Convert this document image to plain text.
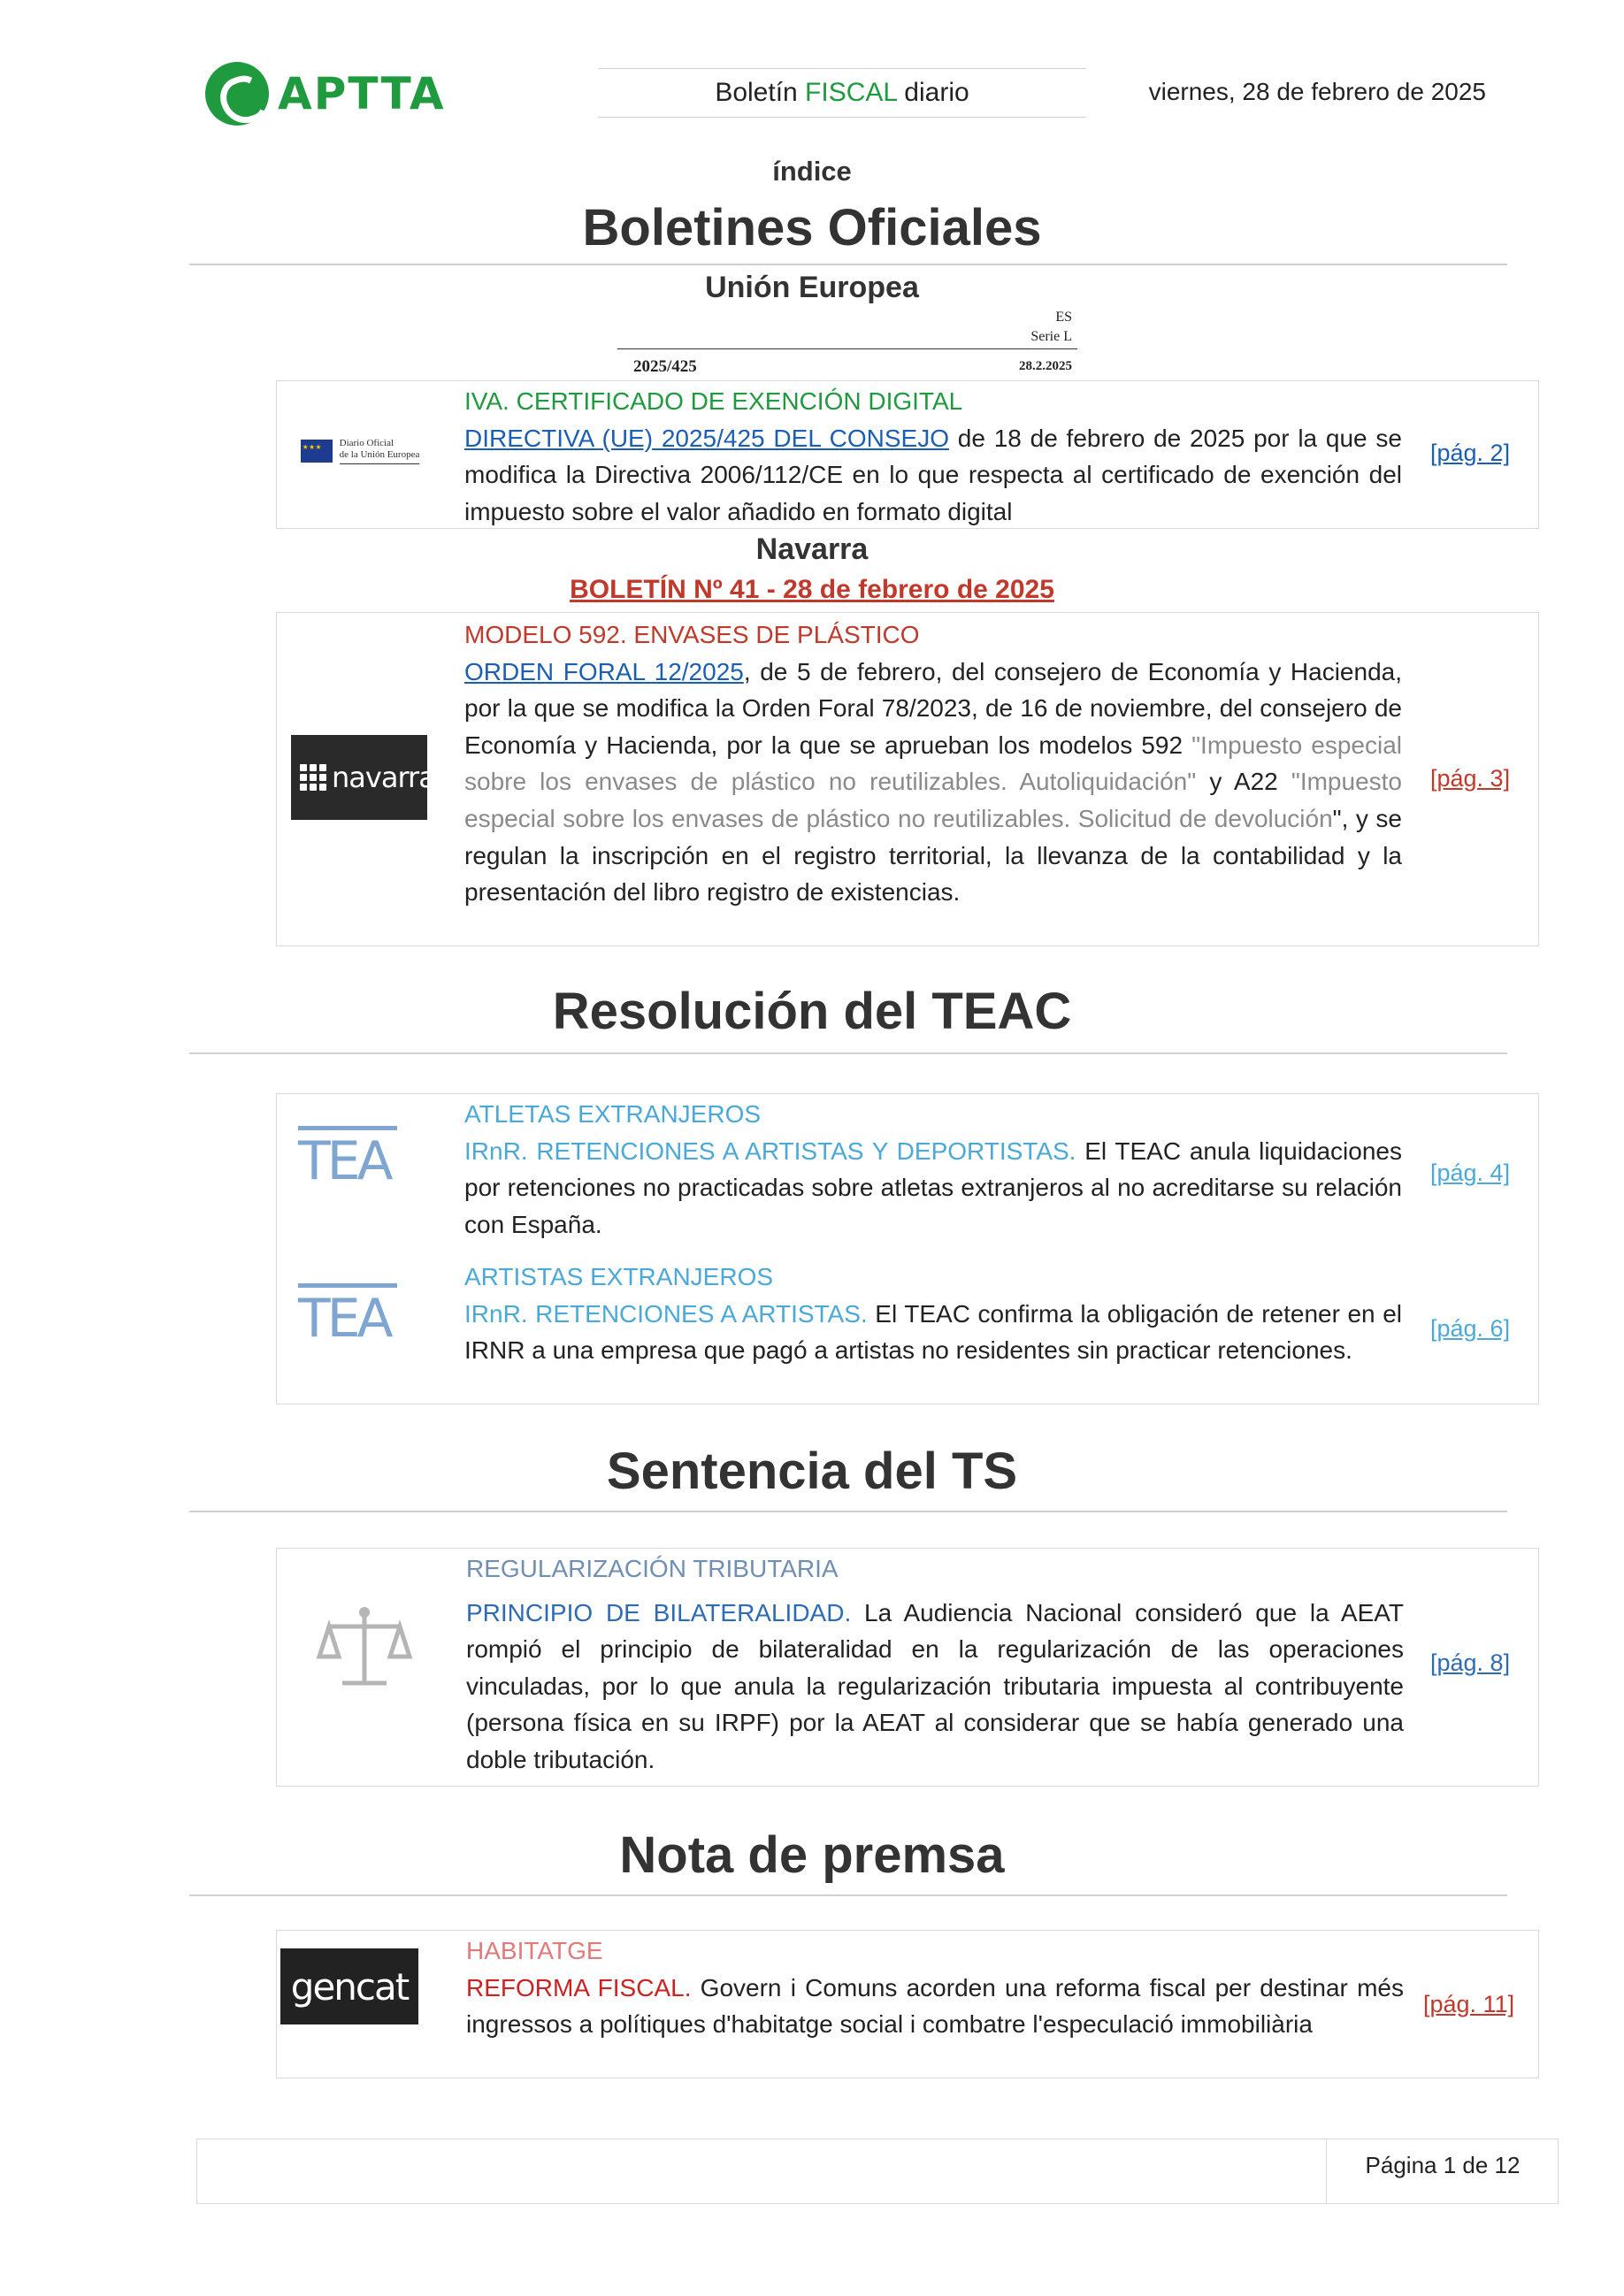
APTTA	Boletín FISCAL diario	viernes, 28 de febrero de 2025
índice
Boletines Oficiales
Unión Europea
ES
Serie L
2025/425	28.2.2025
★ ★ ★
Diario Oficial
de la Unión Europea
IVA. CERTIFICADO DE EXENCIÓN DIGITAL
DIRECTIVA (UE) 2025/425 DEL CONSEJO de 18 de febrero de 2025 por la que se modifica la Directiva 2006/112/CE en lo que respecta al certificado de exención del impuesto sobre el valor añadido en formato digital
[pág. 2]
Navarra
BOLETÍN Nº 41 - 28 de febrero de 2025
navarra.es
MODELO 592. ENVASES DE PLÁSTICO
ORDEN FORAL 12/2025, de 5 de febrero, del consejero de Economía y Hacienda, por la que se modifica la Orden Foral 78/2023, de 16 de noviembre, del consejero de Economía y Hacienda, por la que se aprueban los modelos 592 "Impuesto especial sobre los envases de plástico no reutilizables. Autoliquidación" y A22 "Impuesto especial sobre los envases de plástico no reutilizables. Solicitud de devolución", y se regulan la inscripción en el registro territorial, la llevanza de la contabilidad y la presentación del libro registro de existencias.
[pág. 3]
Resolución del TEAC
TEA
ATLETAS EXTRANJEROS
IRnR. RETENCIONES A ARTISTAS Y DEPORTISTAS. El TEAC anula liquidaciones por retenciones no practicadas sobre atletas extranjeros al no acreditarse su relación con España.
[pág. 4]
TEA
ARTISTAS EXTRANJEROS
IRnR. RETENCIONES A ARTISTAS. El TEAC confirma la obligación de retener en el IRNR a una empresa que pagó a artistas no residentes sin practicar retenciones.
[pág. 6]
Sentencia del TS
REGULARIZACIÓN TRIBUTARIA
PRINCIPIO DE BILATERALIDAD. La Audiencia Nacional consideró que la AEAT rompió el principio de bilateralidad en la regularización de las operaciones vinculadas, por lo que anula la regularización tributaria impuesta al contribuyente (persona física en su IRPF) por la AEAT al considerar que se había generado una doble tributación.
[pág. 8]
Nota de premsa
gencat
HABITATGE
REFORMA FISCAL. Govern i Comuns acorden una reforma fiscal per destinar més ingressos a polítiques d'habitatge social i combatre l'especulació immobiliària
[pág. 11]
Página 1 de 12
